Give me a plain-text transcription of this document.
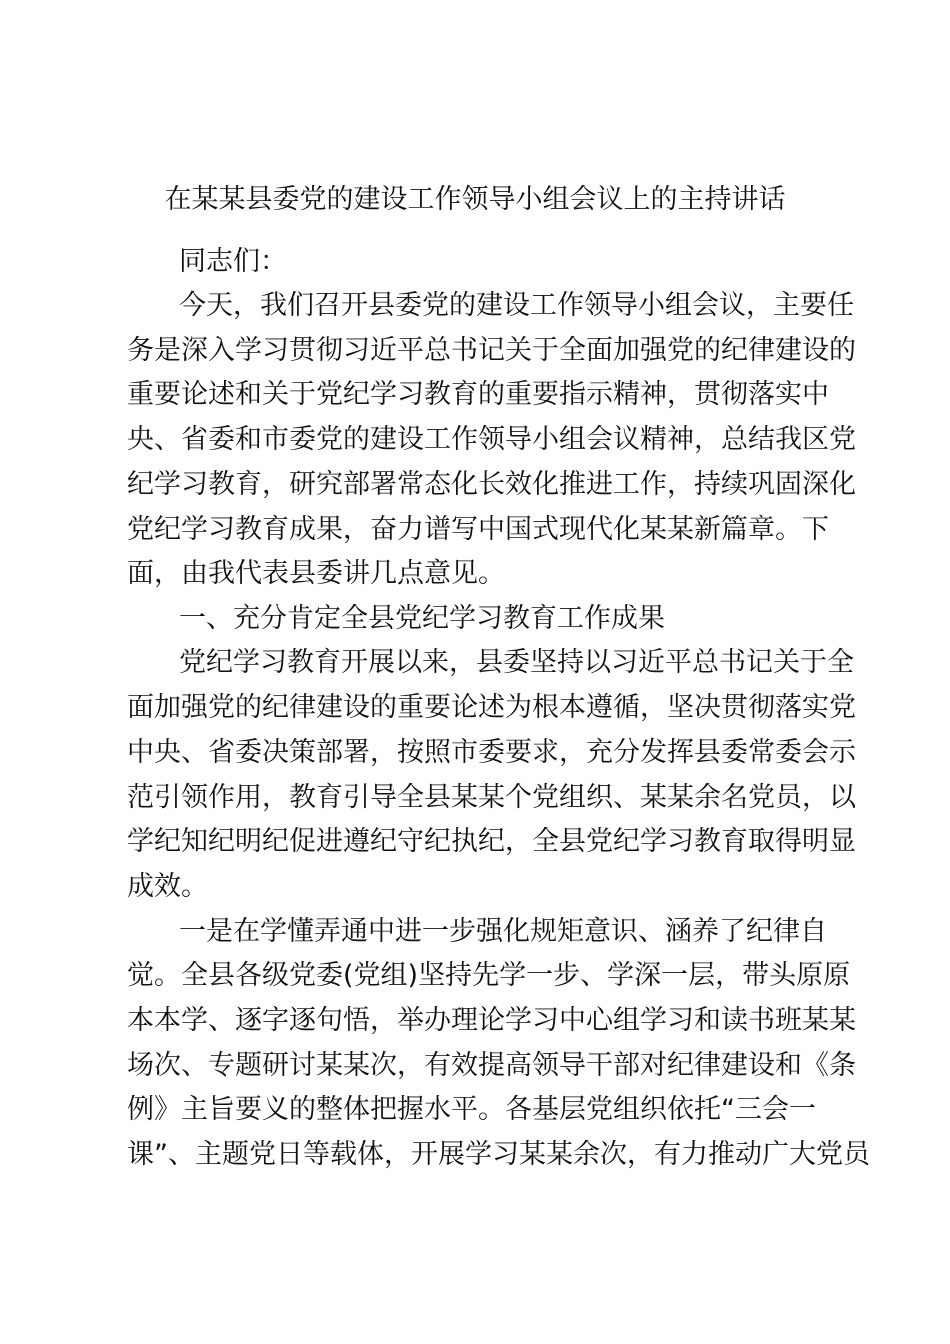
在某某县委党的建设工作领导小组会议上的主持讲话
同志们：
今天，我们召开县委党的建设工作领导小组会议，主要任
务是深入学习贯彻习近平总书记关于全面加强党的纪律建设的
重要论述和关于党纪学习教育的重要指示精神，贯彻落实中
央、省委和市委党的建设工作领导小组会议精神，总结我区党
纪学习教育，研究部署常态化长效化推进工作，持续巩固深化
党纪学习教育成果，奋力谱写中国式现代化某某新篇章。下
面，由我代表县委讲几点意见。
一、充分肯定全县党纪学习教育工作成果
党纪学习教育开展以来，县委坚持以习近平总书记关于全
面加强党的纪律建设的重要论述为根本遵循，坚决贯彻落实党
中央、省委决策部署，按照市委要求，充分发挥县委常委会示
范引领作用，教育引导全县某某个党组织、某某余名党员，以
学纪知纪明纪促进遵纪守纪执纪，全县党纪学习教育取得明显
成效。
一是在学懂弄通中进一步强化规矩意识、涵养了纪律自
觉。全县各级党委(党组)坚持先学一步、学深一层，带头原原
本本学、逐字逐句悟，举办理论学习中心组学习和读书班某某
场次、专题研讨某某次，有效提高领导干部对纪律建设和《条
例》主旨要义的整体把握水平。各基层党组织依托“三会一
课”、主题党日等载体，开展学习某某余次，有力推动广大党员
